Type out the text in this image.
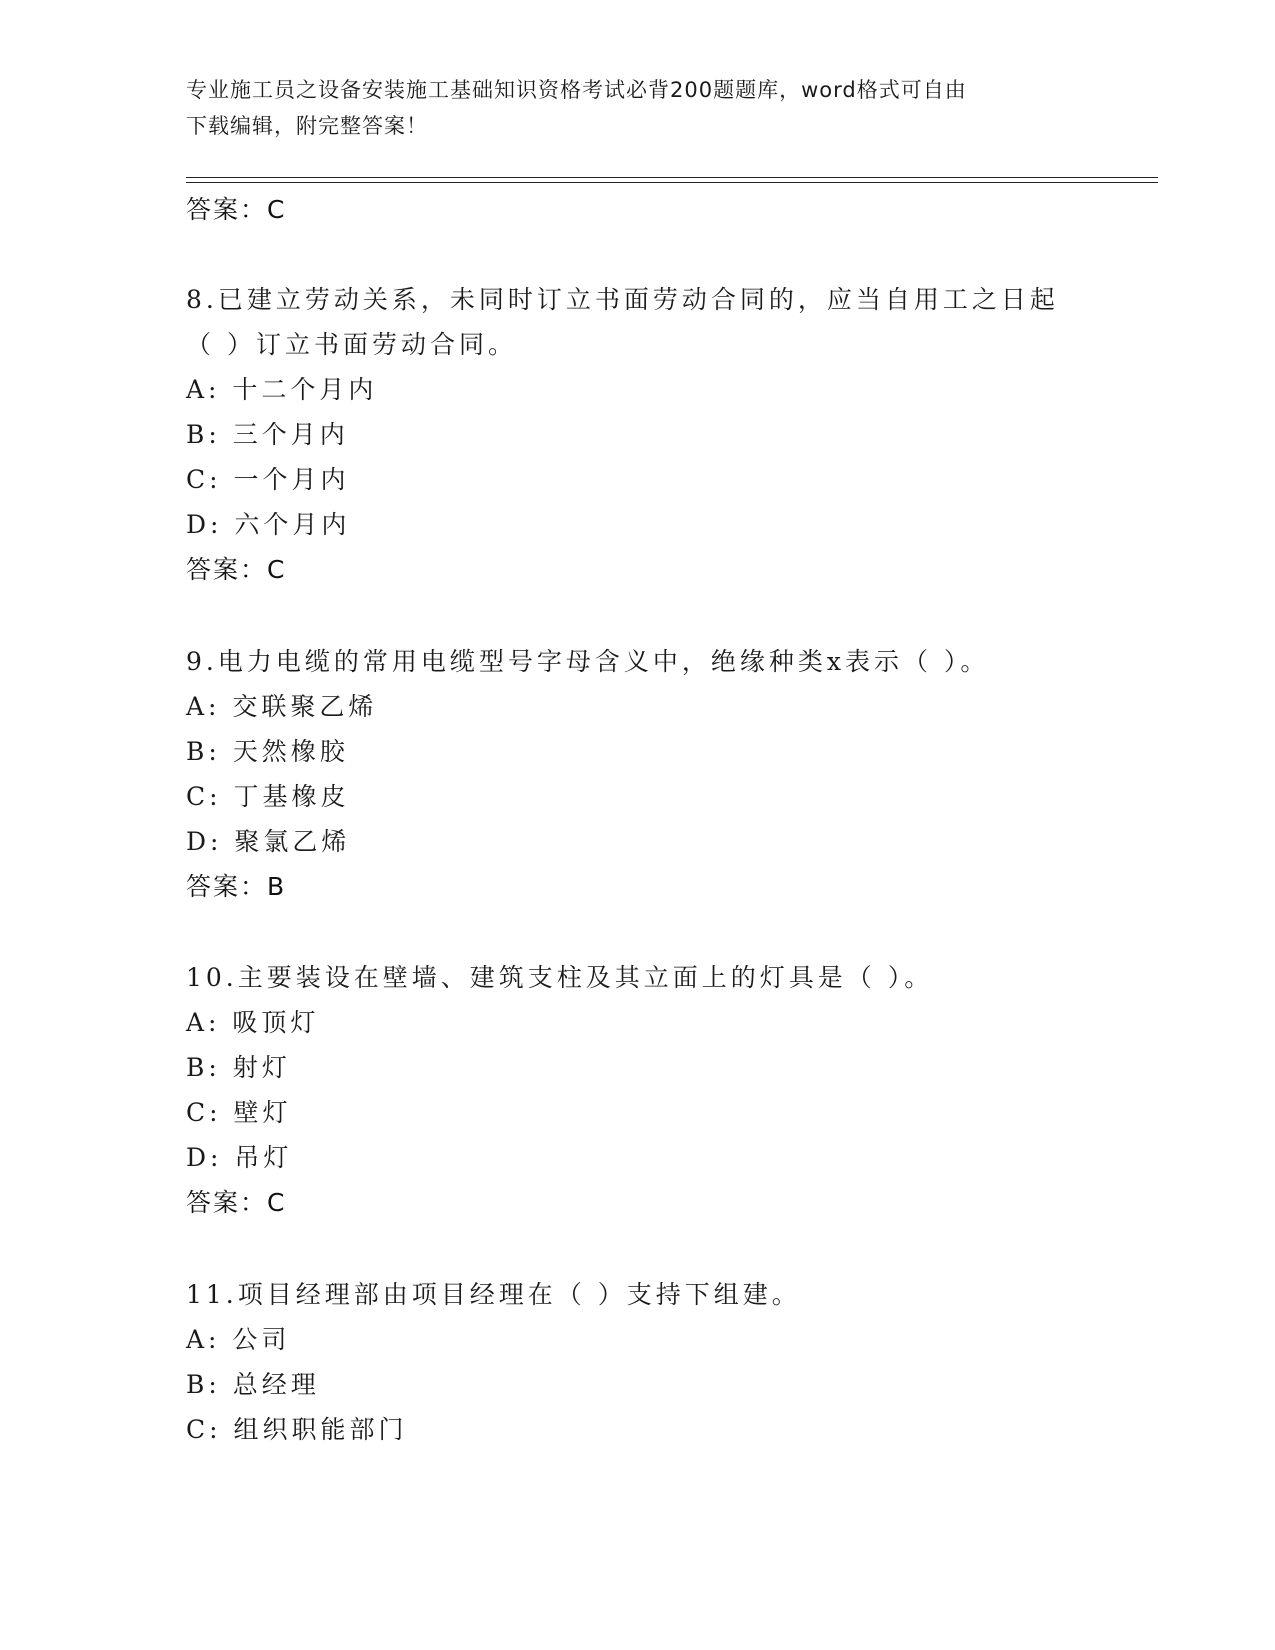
专业施工员之设备安装施工基础知识资格考试必背200题题库，word格式可自由
下载编辑，附完整答案！
答案：C
8.已建立劳动关系，未同时订立书面劳动合同的，应当自用工之日起
（ ）订立书面劳动合同。
A: 十二个月内
B: 三个月内
C: 一个月内
D: 六个月内
答案：C
9.电力电缆的常用电缆型号字母含义中，绝缘种类x表示（ ）。
A: 交联聚乙烯
B: 天然橡胶
C: 丁基橡皮
D: 聚氯乙烯
答案：B
10.主要装设在壁墙、建筑支柱及其立面上的灯具是（ ）。
A: 吸顶灯
B: 射灯
C: 壁灯
D: 吊灯
答案：C
11.项目经理部由项目经理在（ ）支持下组建。
A: 公司
B: 总经理
C: 组织职能部门
